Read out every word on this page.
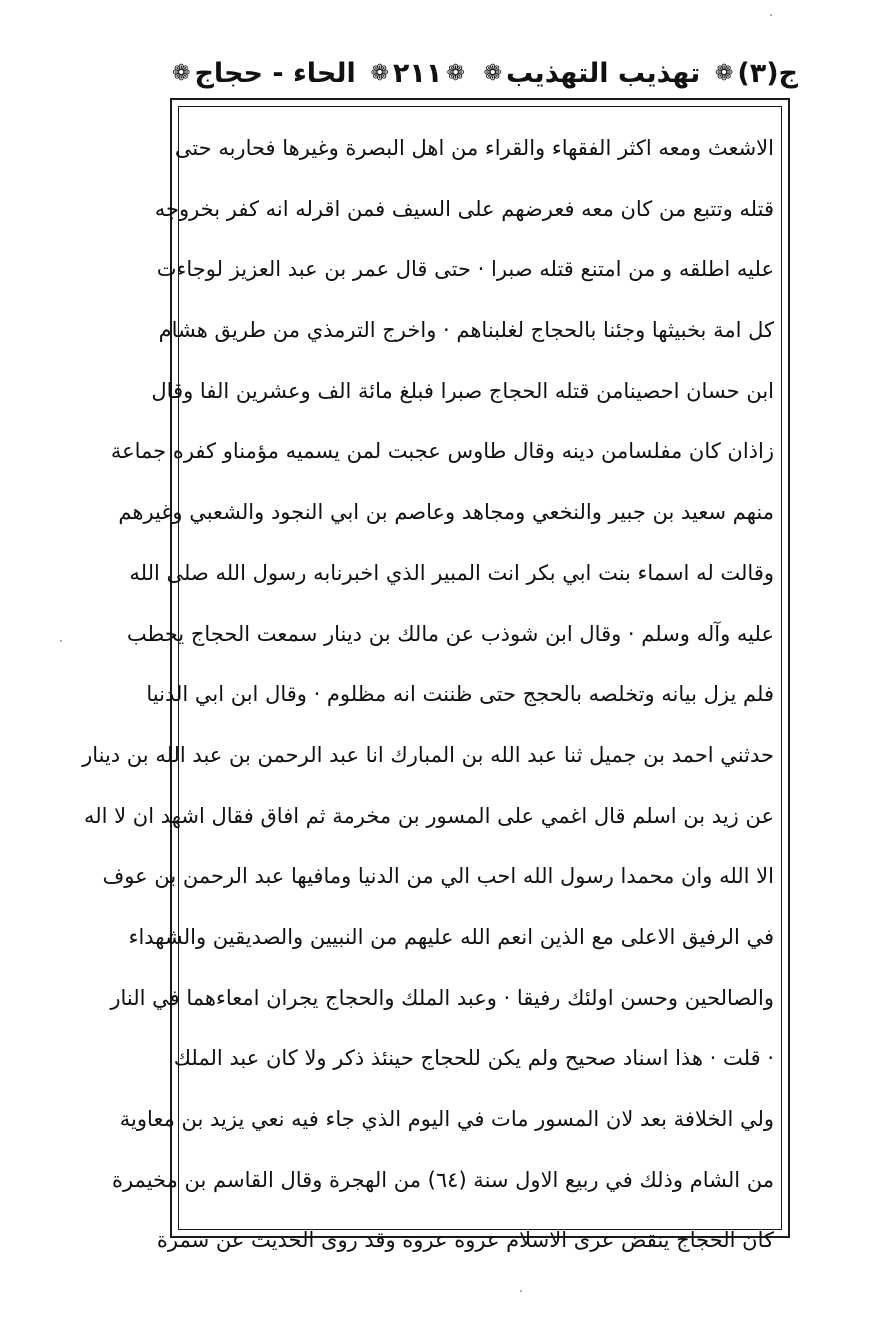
ج(٣)
❁
تهذيب التهذيب
❁
❁
٢١١
❁
الحاء - حجاج
❁
الاشعث ومعه اكثر الفقهاء والقراء من اهل البصرة وغيرها فحاربه حتى
قتله وتتبع من كان معه فعرضهم على السيف فمن اقرله انه كفر بخروجه
عليه اطلقه و من امتنع قتله صبرا · حتى قال عمر بن عبد العزيز لوجاءت
كل امة بخبيثها وجئنا بالحجاج لغلبناهم · واخرج الترمذي من طريق هشام
ابن حسان احصينامن قتله الحجاج صبرا فبلغ مائة الف وعشرين الفا وقال
زاذان كان مفلسامن دينه وقال طاوس عجبت لمن يسميه مؤمناو كفره جماعة
منهم سعيد بن جبير والنخعي ومجاهد وعاصم بن ابي النجود والشعبي وغيرهم
وقالت له اسماء بنت ابي بكر انت المبير الذي اخبرنابه رسول الله صلى الله
عليه وآله وسلم · وقال ابن شوذب عن مالك بن دينار سمعت الحجاج يخطب
فلم يزل بيانه وتخلصه بالحجج حتى ظننت انه مظلوم · وقال ابن ابي الدنيا
حدثني احمد بن جميل ثنا عبد الله بن المبارك انا عبد الرحمن بن عبد الله بن دينار
عن زيد بن اسلم قال اغمي على المسور بن مخرمة ثم افاق فقال اشهد ان لا اله
الا الله وان محمدا رسول الله احب الي من الدنيا ومافيها عبد الرحمن بن عوف
في الرفيق الاعلى مع الذين انعم الله عليهم من النبيين والصديقين والشهداء
والصالحين وحسن اولئك رفيقا · وعبد الملك والحجاج يجران امعاءهما في النار
· قلت · هذا اسناد صحيح ولم يكن للحجاج حينئذ ذكر ولا كان عبد الملك
ولي الخلافة بعد لان المسور مات في اليوم الذي جاء فيه نعي يزيد بن معاوية
من الشام وذلك في ربيع الاول سنة (٦٤) من الهجرة وقال القاسم بن مخيمرة
كان الحجاج ينقض عرى الاسلام عروة عروة وقد روى الحديث عن سمرة
